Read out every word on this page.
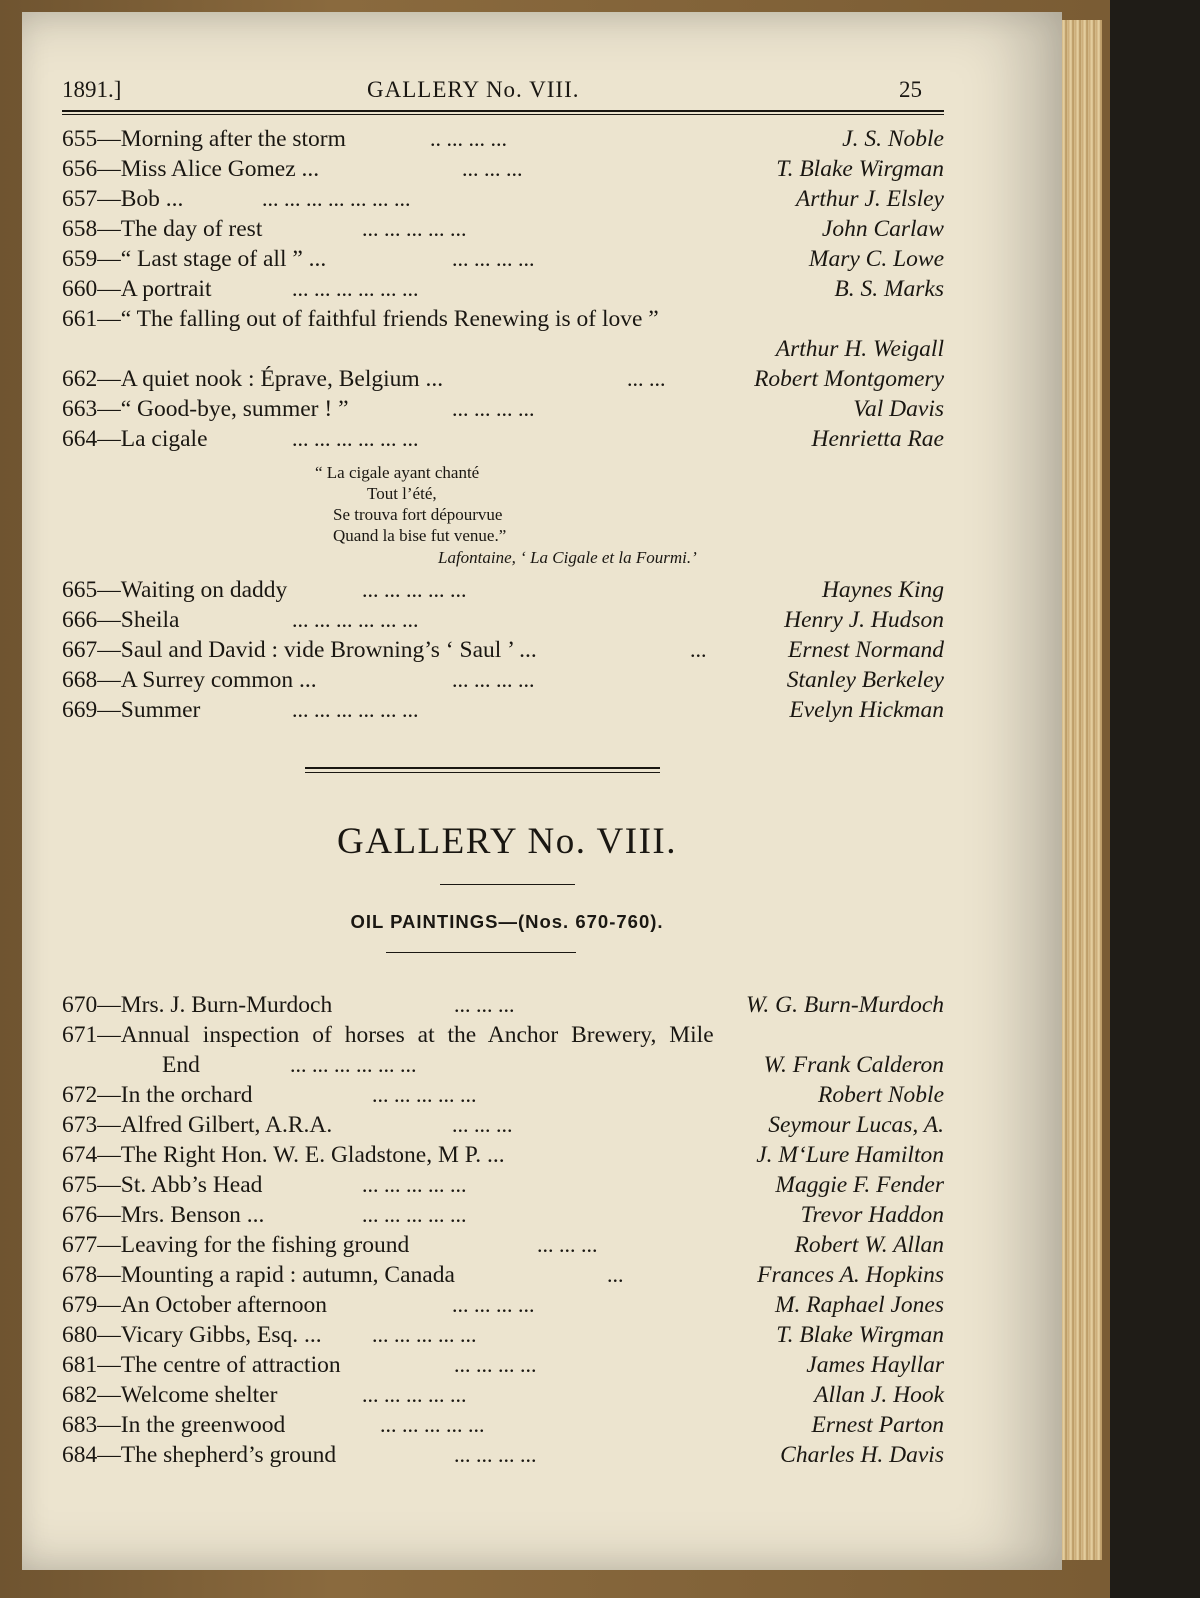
1891.]	GALLERY No. VIII.	25
655—Morning after the storm	.. ... ... ...	J. S. Noble
656—Miss Alice Gomez ...	... ... ...	T. Blake Wirgman
657—Bob ...	... ... ... ... ... ... ...	Arthur J. Elsley
658—The day of rest	... ... ... ... ...	John Carlaw
659—“ Last stage of all ” ...	... ... ... ...	Mary C. Lowe
660—A portrait	... ... ... ... ... ...	B. S. Marks
661—“ The falling out of faithful friends Renewing is of love ”
Arthur H. Weigall
662—A quiet nook : Éprave, Belgium ...	... ...	Robert Montgomery
663—“ Good-bye, summer ! ”	... ... ... ...	Val Davis
664—La cigale	... ... ... ... ... ...	Henrietta Rae
“ La cigale ayant chanté
Tout l’été,
Se trouva fort dépourvue
Quand la bise fut venue.”
Lafontaine, ‘ La Cigale et la Fourmi.’
665—Waiting on daddy	... ... ... ... ...	Haynes King
666—Sheila	... ... ... ... ... ...	Henry J. Hudson
667—Saul and David : vide Browning’s ‘ Saul ’ ...	...	Ernest Normand
668—A Surrey common ...	... ... ... ...	Stanley Berkeley
669—Summer	... ... ... ... ... ...	Evelyn Hickman
GALLERY No. VIII.
OIL PAINTINGS—(Nos. 670-760).
670—Mrs. J. Burn-Murdoch	... ... ...	W. G. Burn-Murdoch
671—Annual inspection of horses at the Anchor Brewery, Mile
End	... ... ... ... ... ...	W. Frank Calderon
672—In the orchard	... ... ... ... ...	Robert Noble
673—Alfred Gilbert, A.R.A.	... ... ...	Seymour Lucas, A.
674—The Right Hon. W. E. Gladstone, M P. ...	J. M‘Lure Hamilton
675—St. Abb’s Head	... ... ... ... ...	Maggie F. Fender
676—Mrs. Benson ...	... ... ... ... ...	Trevor Haddon
677—Leaving for the fishing ground	... ... ...	Robert W. Allan
678—Mounting a rapid : autumn, Canada	...	Frances A. Hopkins
679—An October afternoon	... ... ... ...	M. Raphael Jones
680—Vicary Gibbs, Esq. ... ... ... ... ... ...	T. Blake Wirgman
681—The centre of attraction	... ... ... ...	James Hayllar
682—Welcome shelter	... ... ... ... ...	Allan J. Hook
683—In the greenwood	... ... ... ... ...	Ernest Parton
684—The shepherd’s ground	... ... ... ...	Charles H. Davis
